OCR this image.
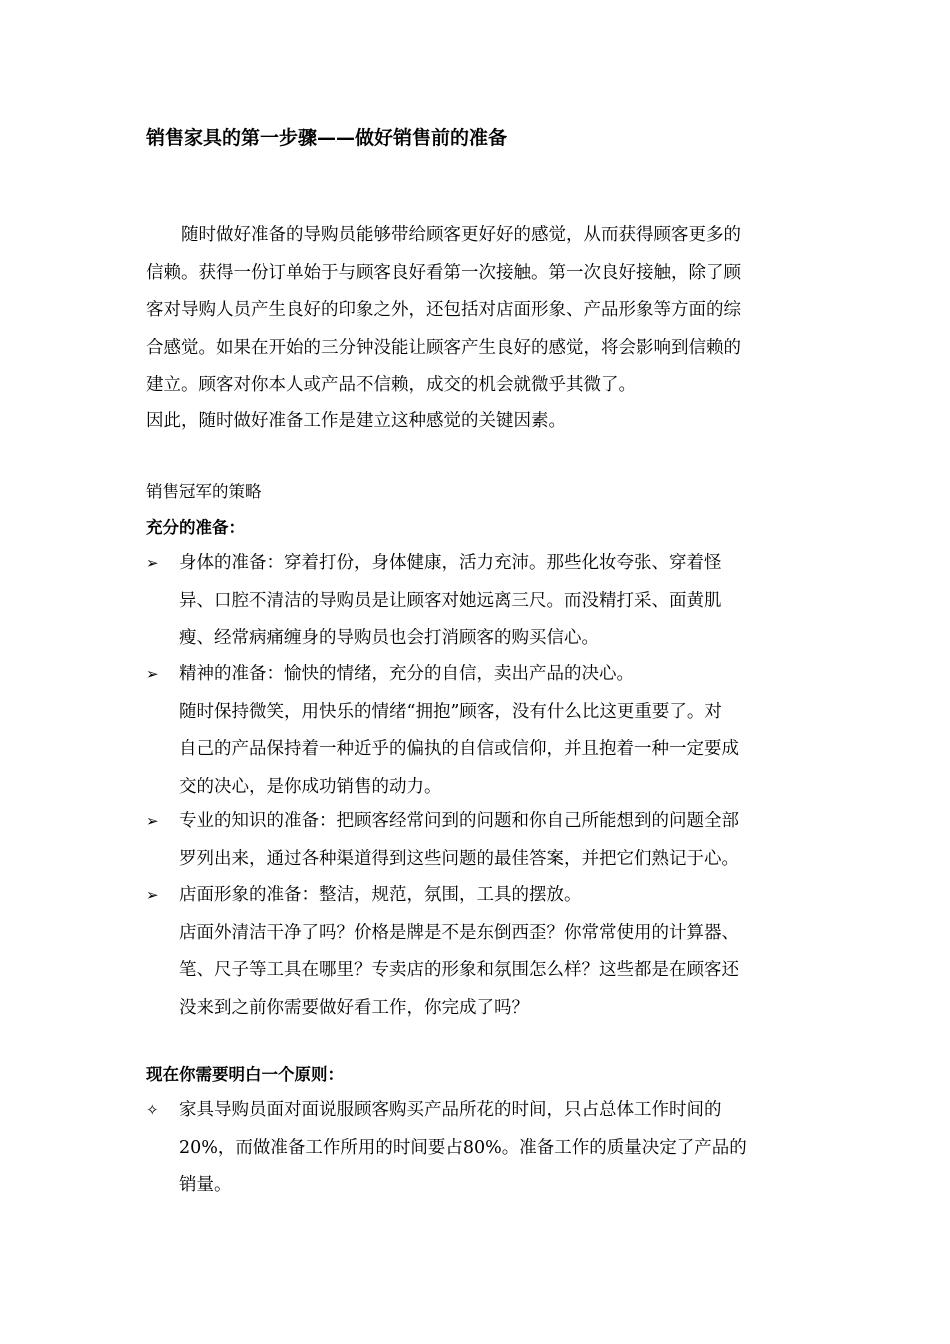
销售家具的第一步骤——做好销售前的准备
随时做好准备的导购员能够带给顾客更好好的感觉，从而获得顾客更多的
信赖。获得一份订单始于与顾客良好看第一次接触。第一次良好接触，除了顾
客对导购人员产生良好的印象之外，还包括对店面形象、产品形象等方面的综
合感觉。如果在开始的三分钟没能让顾客产生良好的感觉，将会影响到信赖的
建立。顾客对你本人或产品不信赖，成交的机会就微乎其微了。
因此，随时做好准备工作是建立这种感觉的关键因素。
销售冠军的策略
充分的准备：
➢	身体的准备：穿着打份，身体健康，活力充沛。那些化妆夸张、穿着怪
异、口腔不清洁的导购员是让顾客对她远离三尺。而没精打采、面黄肌
瘦、经常病痛缠身的导购员也会打消顾客的购买信心。
➢	精神的准备：愉快的情绪，充分的自信，卖出产品的决心。
随时保持微笑，用快乐的情绪“拥抱”顾客，没有什么比这更重要了。对
自己的产品保持着一种近乎的偏执的自信或信仰，并且抱着一种一定要成
交的决心，是你成功销售的动力。
➢	专业的知识的准备：把顾客经常问到的问题和你自己所能想到的问题全部
罗列出来，通过各种渠道得到这些问题的最佳答案，并把它们熟记于心。
➢	店面形象的准备：整洁，规范，氛围，工具的摆放。
店面外清洁干净了吗？价格是牌是不是东倒西歪？你常常使用的计算器、
笔、尺子等工具在哪里？专卖店的形象和氛围怎么样？这些都是在顾客还
没来到之前你需要做好看工作，你完成了吗？
现在你需要明白一个原则：
✧	家具导购员面对面说服顾客购买产品所花的时间，只占总体工作时间的
20%，而做准备工作所用的时间要占80%。准备工作的质量决定了产品的
销量。
